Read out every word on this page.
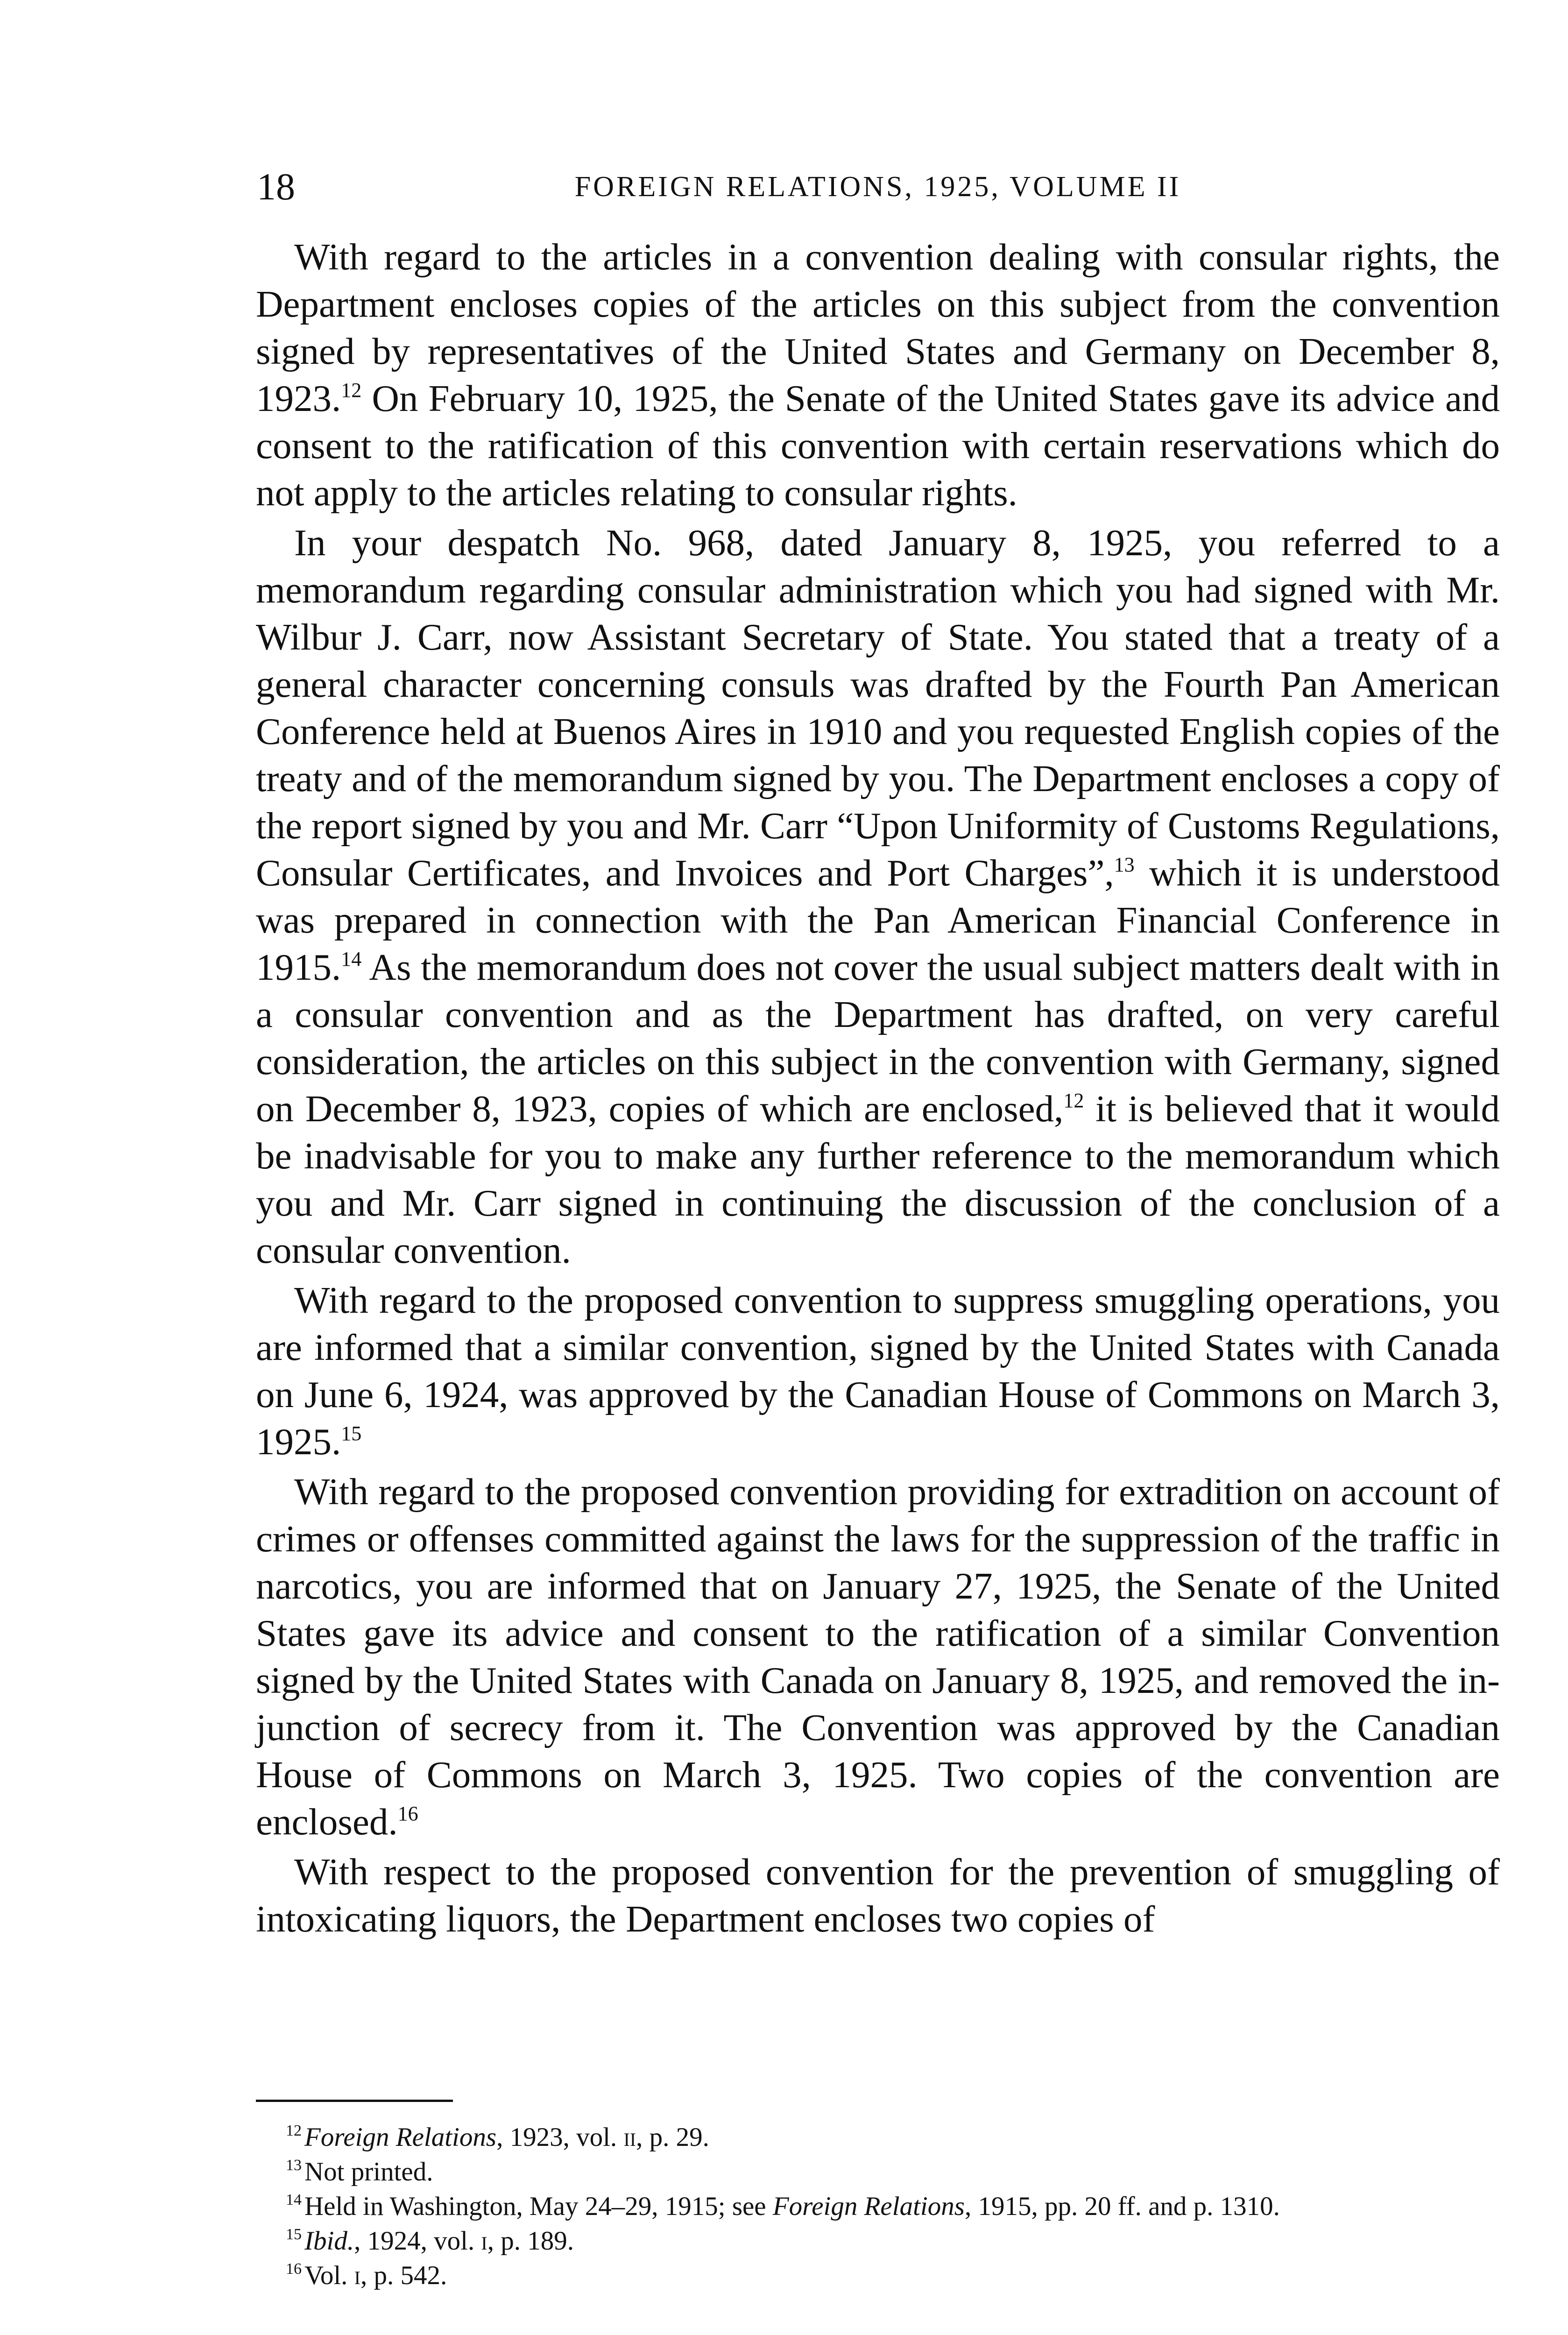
18	FOREIGN RELATIONS, 1925, VOLUME II

With regard to the articles in a convention dealing with consular rights, the Department encloses copies of the articles on this subject from the convention signed by representatives of the United States and Germany on December 8, 1923.12 On February 10, 1925, the Senate of the United States gave its advice and consent to the ratification of this convention with certain reservations which do not apply to the articles relating to consular rights.

In your despatch No. 968, dated January 8, 1925, you referred to a memorandum regarding consular administration which you had signed with Mr. Wilbur J. Carr, now Assistant Secretary of State. You stated that a treaty of a general character concerning consuls was drafted by the Fourth Pan American Conference held at Buenos Aires in 1910 and you requested English copies of the treaty and of the memorandum signed by you. The Department encloses a copy of the report signed by you and Mr. Carr “Upon Uniformity of Customs Regulations, Consular Certificates, and Invoices and Port Charges”,$^{13}$ which it is understood was prepared in connection with the Pan American Financial Conference in 1915.14 As the memorandum does not cover the usual subject matters dealt with in a consular convention and as the Department has drafted, on very careful consideration, the articles on this subject in the convention with Germany, signed on December 8, 1923, copies of which are enclosed,$^{12}$ it is believed that it would be inadvisable for you to make any further reference to the memorandum which you and Mr. Carr signed in continuing the discussion of the conclusion of a consular convention.

With regard to the proposed convention to suppress smuggling operations, you are informed that a similar convention, signed by the United States with Canada on June 6, 1924, was approved by the Canadian House of Commons on March 3, 1925.15

With regard to the proposed convention providing for extradition on account of crimes or offenses committed against the laws for the suppression of the traffic in narcotics, you are informed that on January 27, 1925, the Senate of the United States gave its advice and consent to the ratification of a similar Convention signed by the United States with Canada on January 8, 1925, and removed the injunction of secrecy from it. The Convention was approved by the Canadian House of Commons on March 3, 1925. Two copies of the convention are enclosed.$^{16}$

With respect to the proposed convention for the prevention of smuggling of intoxicating liquors, the Department encloses two copies of

$^{12}$ Foreign Relations, 1923, vol. ii, p. 29.

$^{13}$ Not printed.

$^{14}$ Held in Washington, May 24–29, 1915; see Foreign Relations, 1915, pp. 20 ff. and p. 1310.

$^{15}$ Ibid., 1924, vol. i, p. 189.

$^{16}$ Vol. i, p. 542.
